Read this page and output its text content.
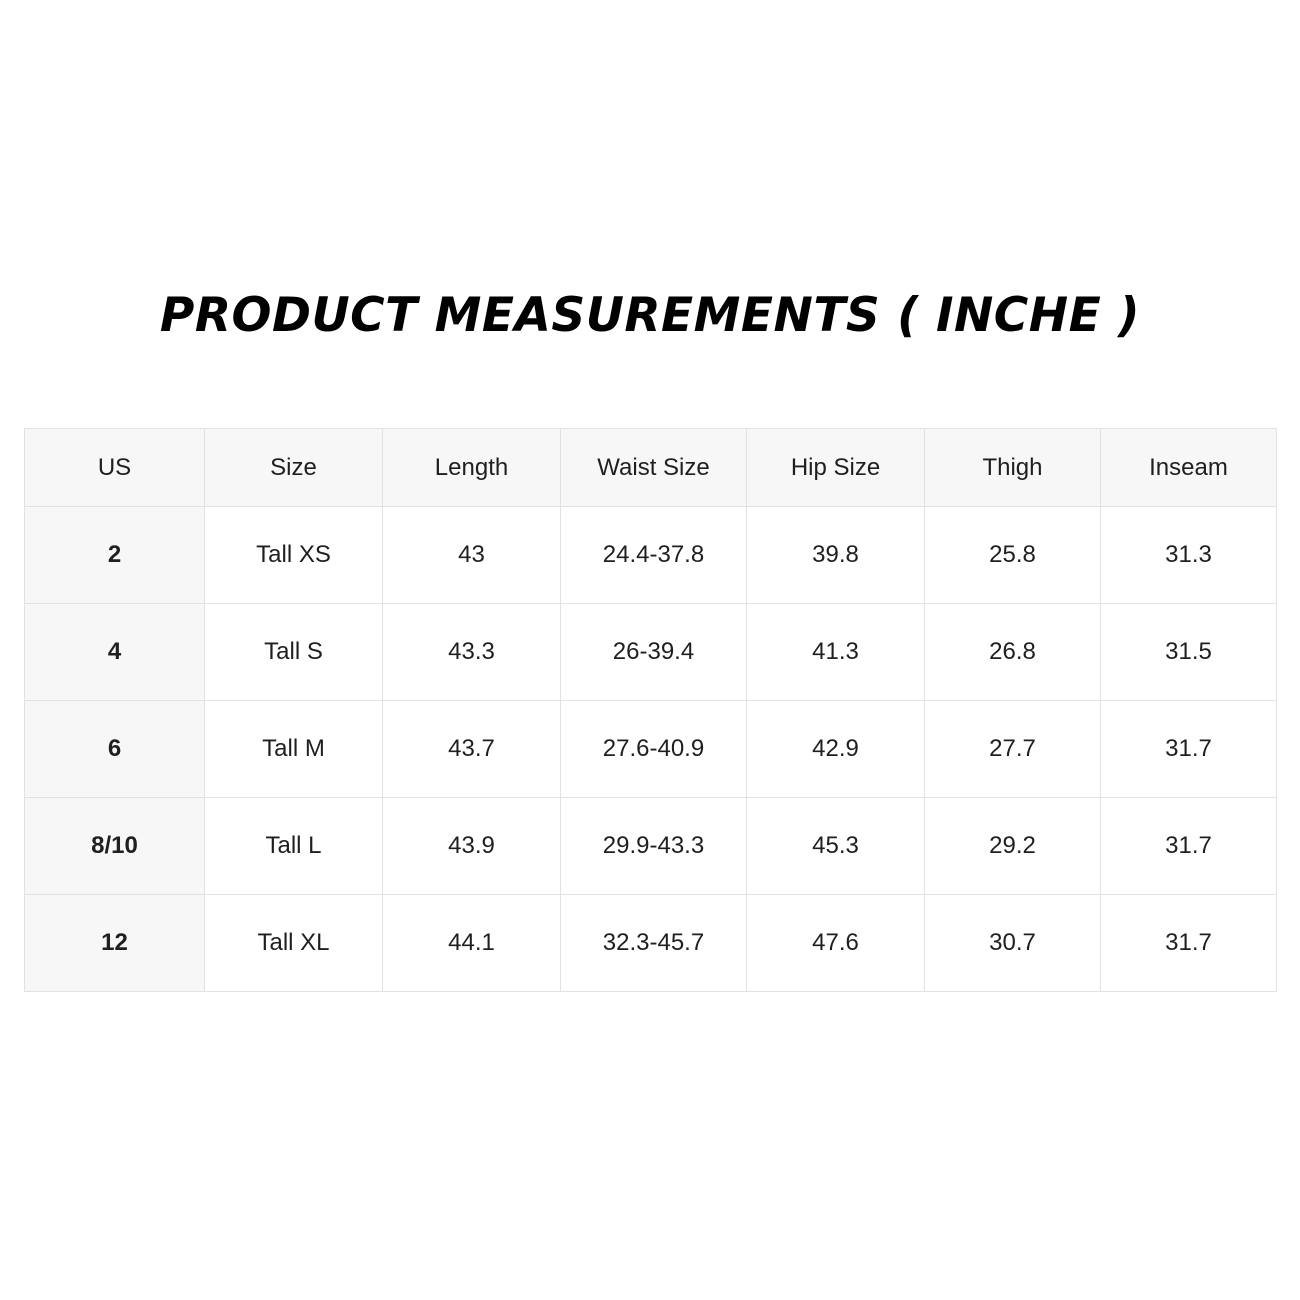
PRODUCT MEASUREMENTS ( INCHE )
US	Size	Length	Waist Size	Hip Size	Thigh	Inseam
2	Tall XS	43	24.4-37.8	39.8	25.8	31.3
4	Tall S	43.3	26-39.4	41.3	26.8	31.5
6	Tall M	43.7	27.6-40.9	42.9	27.7	31.7
8/10	Tall L	43.9	29.9-43.3	45.3	29.2	31.7
12	Tall XL	44.1	32.3-45.7	47.6	30.7	31.7
